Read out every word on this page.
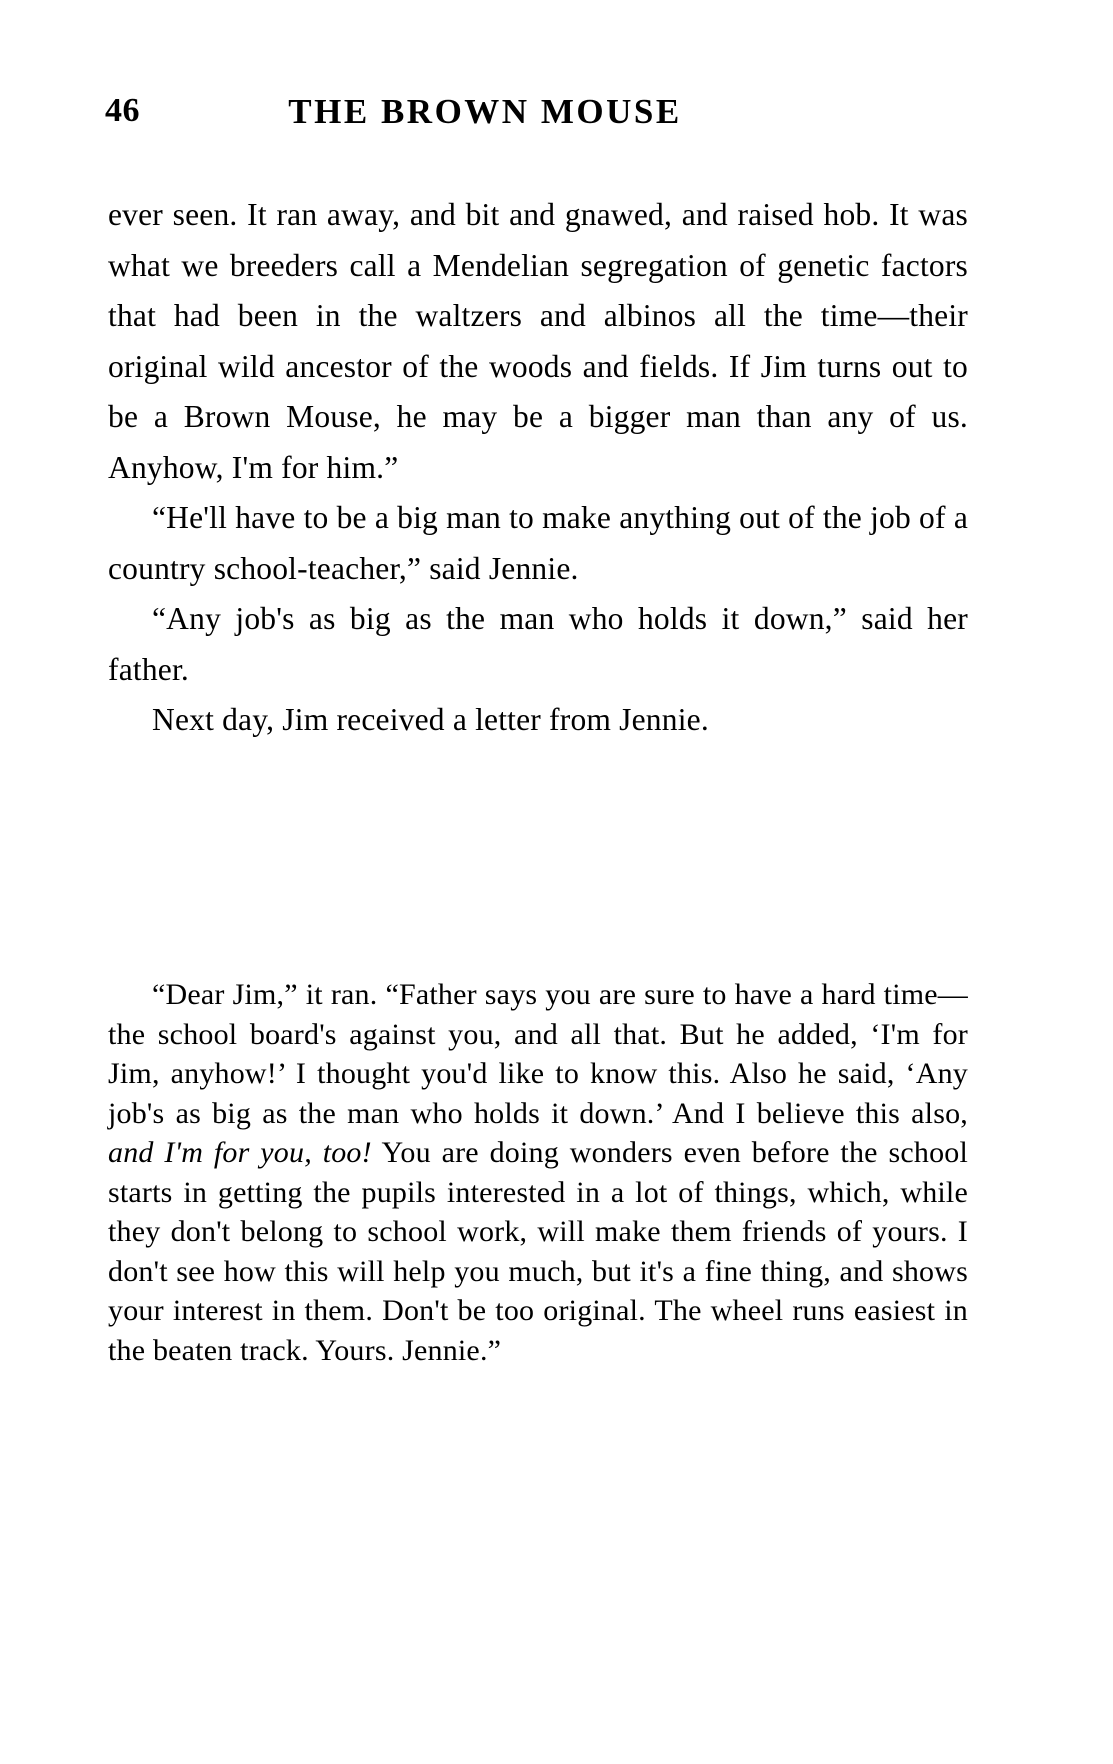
46	THE BROWN MOUSE

ever seen. It ran away, and bit and gnawed, and raised hob. It was what we breeders call a Mendelian segregation of genetic factors that had been in the waltzers and albinos all the time—their original wild ancestor of the woods and fields. If Jim turns out to be a Brown Mouse, he may be a bigger man than any of us. Anyhow, I'm for him.”

“He'll have to be a big man to make anything out of the job of a country school-teacher,” said Jennie.

“Any job's as big as the man who holds it down,” said her father.

Next day, Jim received a letter from Jennie.

“Dear Jim,” it ran. “Father says you are sure to have a hard time—the school board's against you, and all that. But he added, ‘I'm for Jim, anyhow!’ I thought you'd like to know this. Also he said, ‘Any job's as big as the man who holds it down.’ And I believe this also, and I'm for you, too! You are doing wonders even before the school starts in getting the pupils interested in a lot of things, which, while they don't belong to school work, will make them friends of yours. I don't see how this will help you much, but it's a fine thing, and shows your interest in them. Don't be too original. The wheel runs easiest in the beaten track. Yours. Jennie.”
